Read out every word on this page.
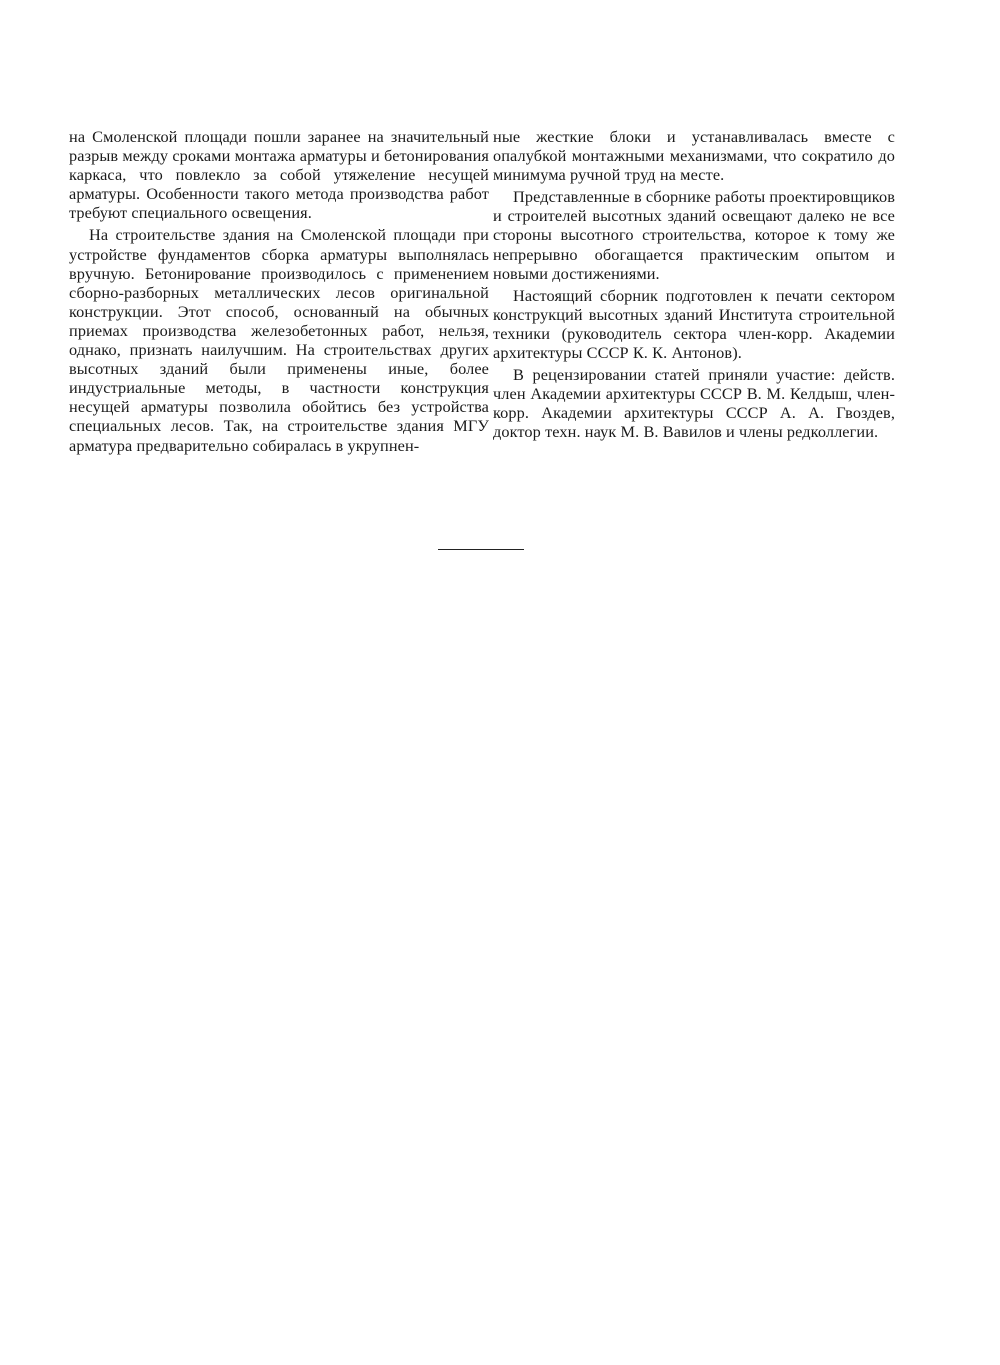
на Смоленской площади пошли заранее на значительный разрыв между сроками монтажа арматуры и бетонирования каркаса, что повлекло за собой утяжеление несущей арматуры. Особенности такого метода производства работ требуют специального освещения.

На строительстве здания на Смоленской площади при устройстве фундаментов сборка арматуры выполнялась вручную. Бетонирование производилось с применением сборно-разборных металлических лесов оригинальной конструкции. Этот способ, основанный на обычных приемах производства железобетонных работ, нельзя, однако, признать наилучшим. На строительствах других высотных зданий были применены иные, более индустриальные методы, в частности конструкция несущей арматуры позволила обойтись без устройства специальных лесов. Так, на строительстве здания МГУ арматура предварительно собиралась в укрупнен-

ные жесткие блоки и устанавливалась вместе с опалубкой монтажными механизмами, что сократило до минимума ручной труд на месте.

Представленные в сборнике работы проектировщиков и строителей высотных зданий освещают далеко не все стороны высотного строительства, которое к тому же непрерывно обогащается практическим опытом и новыми достижениями.

Настоящий сборник подготовлен к печати сектором конструкций высотных зданий Института строительной техники (руководитель сектора член-корр. Академии архитектуры СССР К. К. Антонов).

В рецензировании статей приняли участие: действ. член Академии архитектуры СССР В. М. Келдыш, член-корр. Академии архитектуры СССР А. А. Гвоздев, доктор техн. наук М. В. Вавилов и члены редколлегии.
